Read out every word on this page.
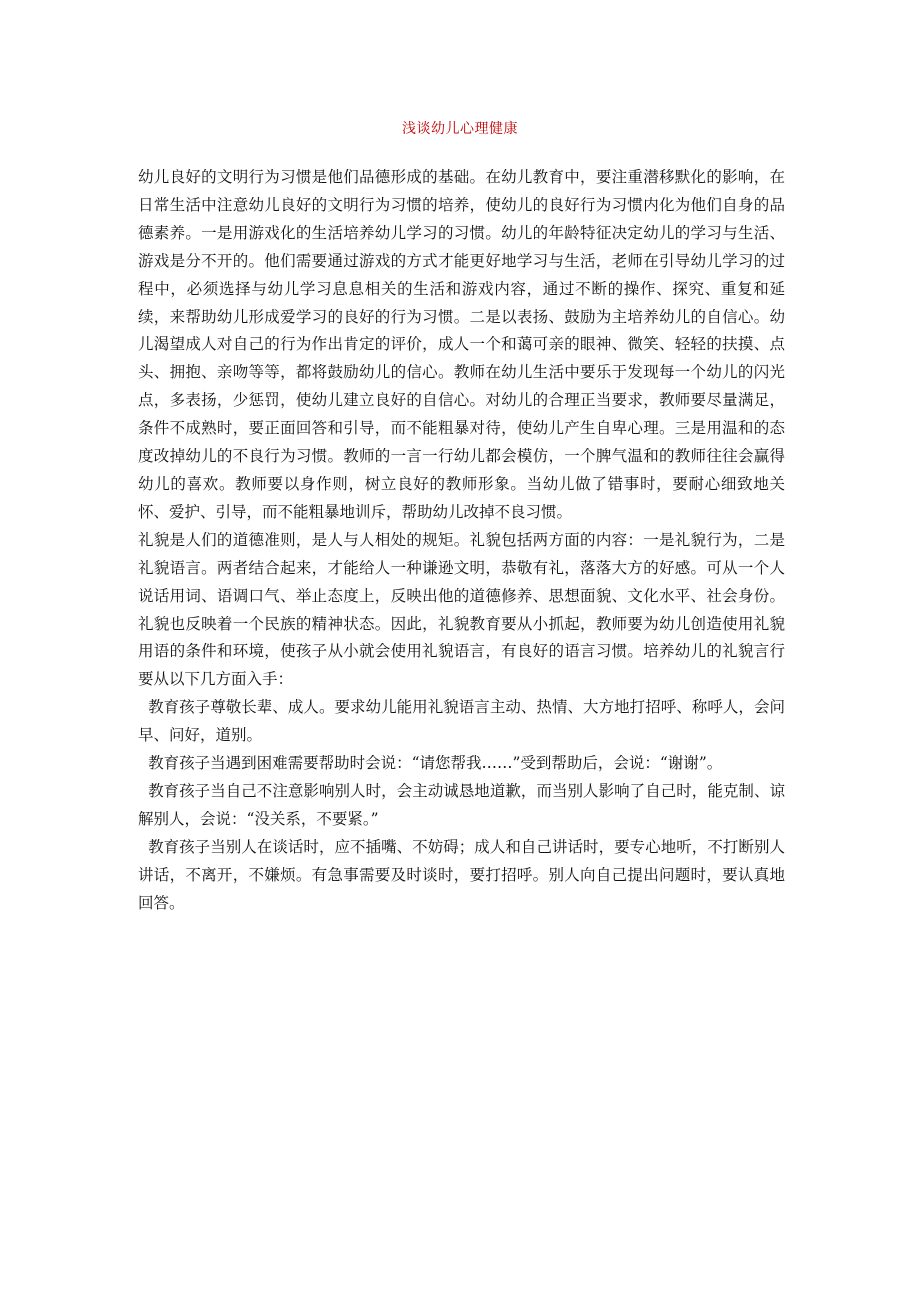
浅谈幼儿心理健康

幼儿良好的文明行为习惯是他们品德形成的基础。在幼儿教育中，要注重潜移默化的影响，在日常生活中注意幼儿良好的文明行为习惯的培养，使幼儿的良好行为习惯内化为他们自身的品德素养。一是用游戏化的生活培养幼儿学习的习惯。幼儿的年龄特征决定幼儿的学习与生活、游戏是分不开的。他们需要通过游戏的方式才能更好地学习与生活，老师在引导幼儿学习的过程中，必须选择与幼儿学习息息相关的生活和游戏内容，通过不断的操作、探究、重复和延续，来帮助幼儿形成爱学习的良好的行为习惯。二是以表扬、鼓励为主培养幼儿的自信心。幼儿渴望成人对自己的行为作出肯定的评价，成人一个和蔼可亲的眼神、微笑、轻轻的扶摸、点头、拥抱、亲吻等等，都将鼓励幼儿的信心。教师在幼儿生活中要乐于发现每一个幼儿的闪光点，多表扬，少惩罚，使幼儿建立良好的自信心。对幼儿的合理正当要求，教师要尽量满足，条件不成熟时，要正面回答和引导，而不能粗暴对待，使幼儿产生自卑心理。三是用温和的态度改掉幼儿的不良行为习惯。教师的一言一行幼儿都会模仿，一个脾气温和的教师往往会赢得幼儿的喜欢。教师要以身作则，树立良好的教师形象。当幼儿做了错事时，要耐心细致地关怀、爱护、引导，而不能粗暴地训斥，帮助幼儿改掉不良习惯。

礼貌是人们的道德准则，是人与人相处的规矩。礼貌包括两方面的内容：一是礼貌行为，二是礼貌语言。两者结合起来，才能给人一种谦逊文明，恭敬有礼，落落大方的好感。可从一个人说话用词、语调口气、举止态度上，反映出他的道德修养、思想面貌、文化水平、社会身份。礼貌也反映着一个民族的精神状态。因此，礼貌教育要从小抓起，教师要为幼儿创造使用礼貌用语的条件和环境，使孩子从小就会使用礼貌语言，有良好的语言习惯。培养幼儿的礼貌言行要从以下几方面入手：

教育孩子尊敬长辈、成人。要求幼儿能用礼貌语言主动、热情、大方地打招呼、称呼人，会问早、问好，道别。

教育孩子当遇到困难需要帮助时会说：“请您帮我……”受到帮助后，会说：“谢谢”。

教育孩子当自己不注意影响别人时，会主动诚恳地道歉，而当别人影响了自己时，能克制、谅解别人，会说：“没关系，不要紧。”

教育孩子当别人在谈话时，应不插嘴、不妨碍；成人和自己讲话时，要专心地听，不打断别人讲话，不离开，不嫌烦。有急事需要及时谈时，要打招呼。别人向自己提出问题时，要认真地回答。
